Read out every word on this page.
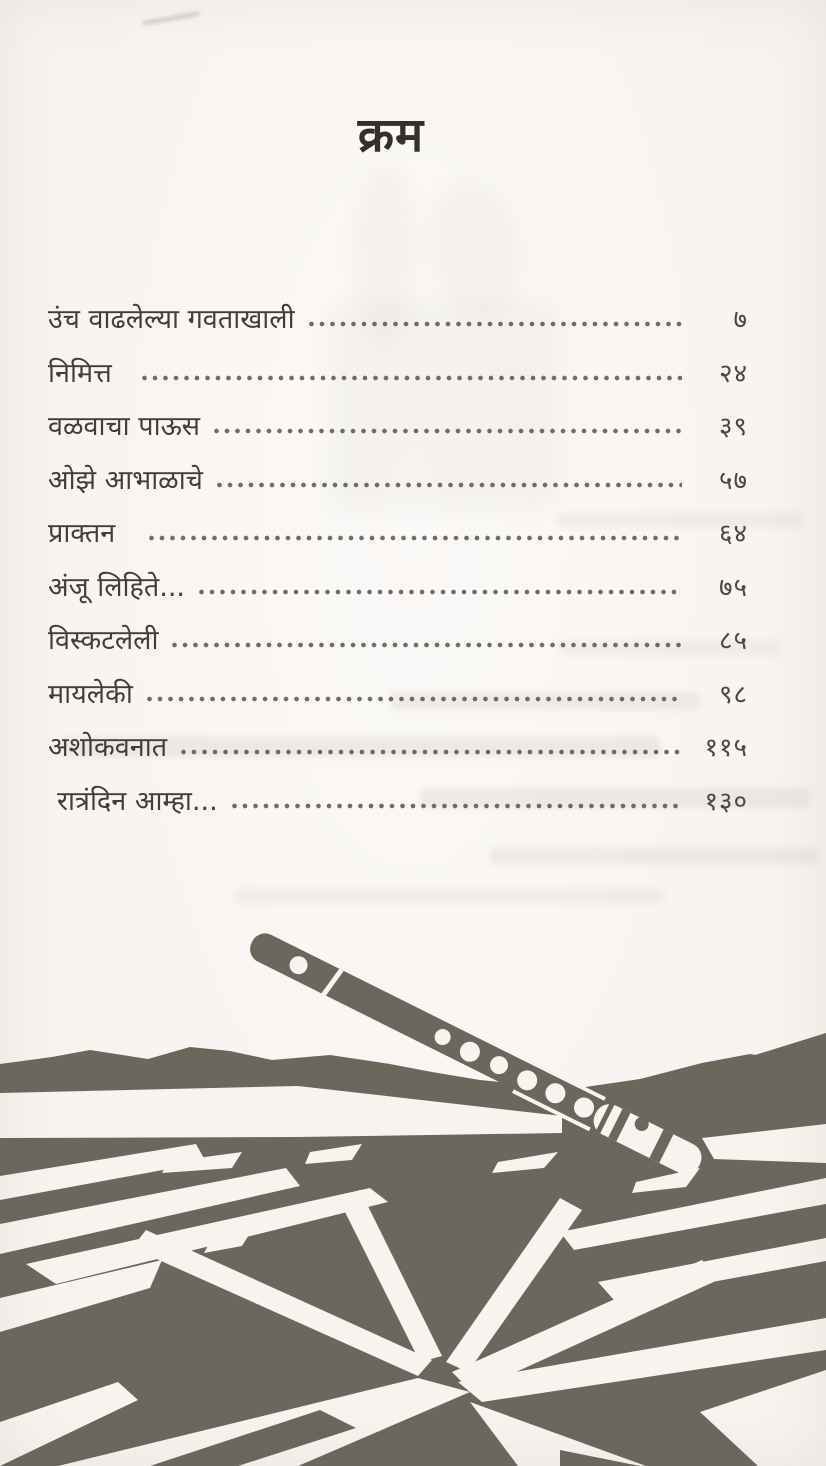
क्रम
उंच वाढलेल्या गवताखाली	७
निमित्त	२४
वळवाचा पाऊस	३९
ओझे आभाळाचे	५७
प्राक्तन	६४
अंजू लिहिते...	७५
विस्कटलेली	८५
मायलेकी	९८
अशोकवनात	११५
रात्रंदिन आम्हा...	१३०
